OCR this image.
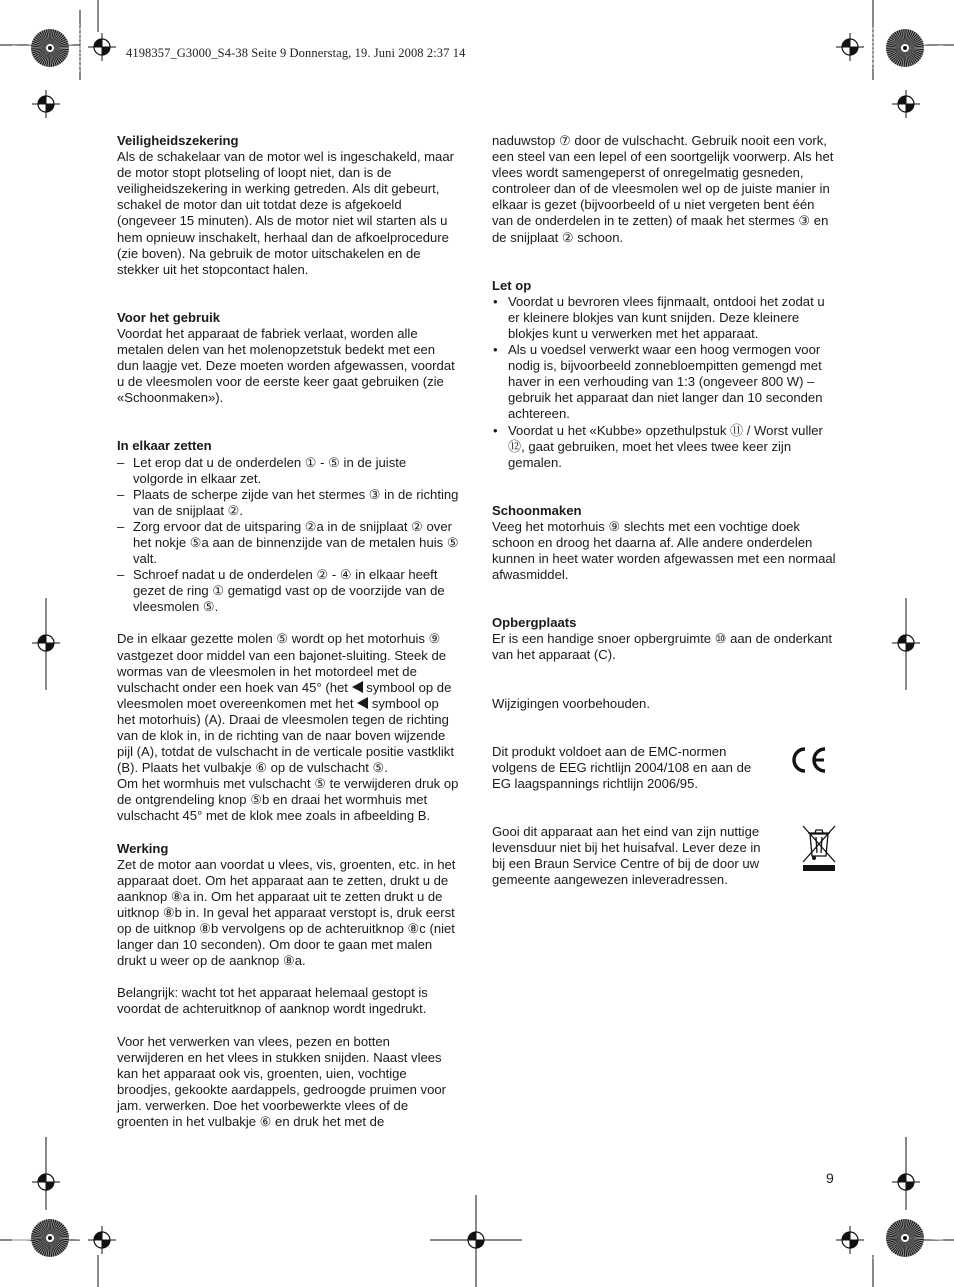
4198357_G3000_S4-38 Seite 9 Donnerstag, 19. Juni 2008 2:37 14
Veiligheidszekering

Als de schakelaar van de motor wel is ingeschakeld, maar de motor stopt plotseling of loopt niet, dan is de veiligheidszekering in werking getreden. Als dit gebeurt, schakel de motor dan uit totdat deze is afgekoeld (ongeveer 15 minuten). Als de motor niet wil starten als u hem opnieuw inschakelt, herhaal dan de afkoelprocedure (zie boven). Na gebruik de motor uitschakelen en de stekker uit het stopcontact halen.

Voor het gebruik

Voordat het apparaat de fabriek verlaat, worden alle metalen delen van het molenopzetstuk bedekt met een dun laagje vet. Deze moeten worden afgewassen, voordat u de vleesmolen voor de eerste keer gaat gebruiken (zie «Schoonmaken»).

In elkaar zetten
– Let erop dat u de onderdelen ① - ⑤ in de juiste volgorde in elkaar zet.
– Plaats de scherpe zijde van het stermes ③ in de richting van de snijplaat ②.
– Zorg ervoor dat de uitsparing ②a in de snijplaat ② over het nokje ⑤a aan de binnenzijde van de metalen huis ⑤ valt.
– Schroef nadat u de onderdelen ② - ④ in elkaar heeft gezet de ring ① gematigd vast op de voorzijde van de vleesmolen ⑤.

De in elkaar gezette molen ⑤ wordt op het motorhuis ⑨ vastgezet door middel van een bajonet-sluiting. Steek de wormas van de vleesmolen in het motordeel met de vulschacht onder een hoek van 45° (het symbool op de vleesmolen moet overeenkomen met het symbool op het motorhuis) (A). Draai de vleesmolen tegen de richting van de klok in, in de richting van de naar boven wijzende pijl (A), totdat de vulschacht in de verticale positie vastklikt (B). Plaats het vulbakje ⑥ op de vulschacht ⑤.

Om het wormhuis met vulschacht ⑤ te verwijderen druk op de ontgrendeling knop ⑤b en draai het wormhuis met vulschacht 45° met de klok mee zoals in afbeelding B.

Werking

Zet de motor aan voordat u vlees, vis, groenten, etc. in het apparaat doet. Om het apparaat aan te zetten, drukt u de aanknop ⑧a in. Om het apparaat uit te zetten drukt u de uitknop ⑧b in. In geval het apparaat verstopt is, druk eerst op de uitknop ⑧b vervolgens op de achteruitknop ⑧c (niet langer dan 10 seconden). Om door te gaan met malen drukt u weer op de aanknop ⑧a.

Belangrijk: wacht tot het apparaat helemaal gestopt is voordat de achteruitknop of aanknop wordt ingedrukt.

Voor het verwerken van vlees, pezen en botten verwijderen en het vlees in stukken snijden. Naast vlees kan het apparaat ook vis, groenten, uien, vochtige broodjes, gekookte aardappels, gedroogde pruimen voor jam. verwerken. Doe het voorbewerkte vlees of de groenten in het vulbakje ⑥ en druk het met de

naduwstop ⑦ door de vulschacht. Gebruik nooit een vork, een steel van een lepel of een soortgelijk voorwerp. Als het vlees wordt samengeperst of onregelmatig gesneden, controleer dan of de vleesmolen wel op de juiste manier in elkaar is gezet (bijvoorbeeld of u niet vergeten bent één van de onderdelen in te zetten) of maak het stermes ③ en de snijplaat ② schoon.

Let op
• Voordat u bevroren vlees fijnmaalt, ontdooi het zodat u er kleinere blokjes van kunt snijden. Deze kleinere blokjes kunt u verwerken met het apparaat.
• Als u voedsel verwerkt waar een hoog vermogen voor nodig is, bijvoorbeeld zonnebloempitten gemengd met haver in een verhouding van 1:3 (ongeveer 800 W) – gebruik het apparaat dan niet langer dan 10 seconden achtereen.
• Voordat u het «Kubbe» opzethulpstuk ⑪ / Worst vuller ⑫, gaat gebruiken, moet het vlees twee keer zijn gemalen.
Schoonmaken

Veeg het motorhuis ⑨ slechts met een vochtige doek schoon en droog het daarna af. Alle andere onderdelen kunnen in heet water worden afgewassen met een normaal afwasmiddel.

Opbergplaats

Er is een handige snoer opbergruimte ⑩ aan de onderkant van het apparaat (C).

Wijzigingen voorbehouden.

Dit produkt voldoet aan de EMC-normen volgens de EEG richtlijn 2004/108 en aan de EG laagspannings richtlijn 2006/95.

Gooi dit apparaat aan het eind van zijn nuttige levensduur niet bij het huisafval. Lever deze in bij een Braun Service Centre of bij de door uw gemeente aangewezen inleveradressen.

9
